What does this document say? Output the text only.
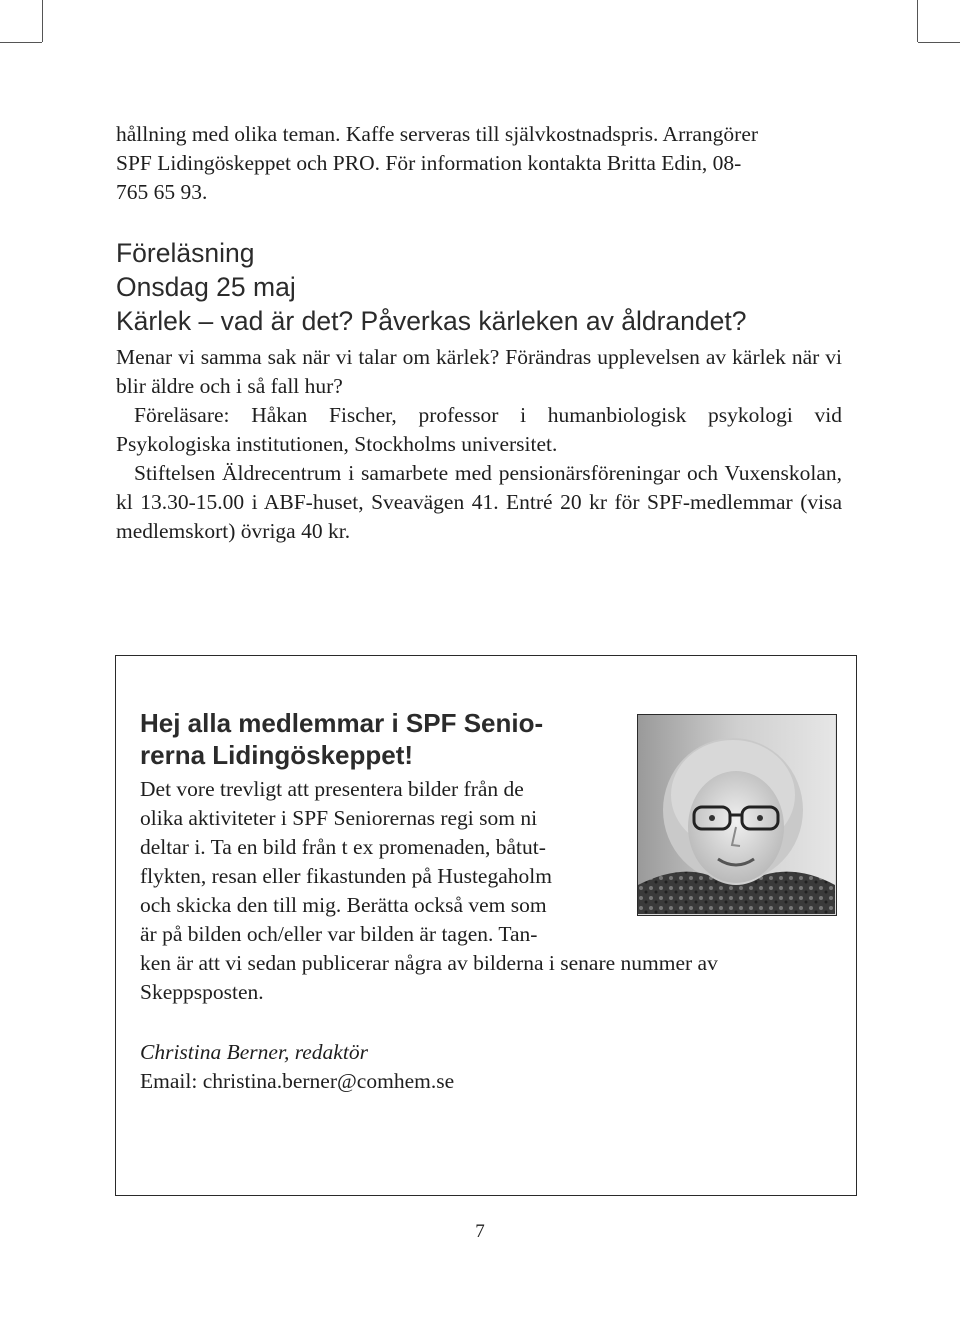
hållning med olika teman. Kaffe serveras till självkostnadspris. Arrangörer
SPF Lidingöskeppet och PRO. För information kontakta Britta Edin, 08-
765 65 93.
Föreläsning
Onsdag 25 maj
Kärlek – vad är det? Påverkas kärleken av åldrandet?

Menar vi samma sak när vi talar om kärlek? Förändras upplevelsen av kärlek när vi blir äldre och i så fall hur?

Föreläsare: Håkan Fischer, professor i humanbiologisk psykologi vid Psykologiska institutionen, Stockholms universitet.

Stiftelsen Äldrecentrum i samarbete med pensionärsföreningar och Vuxenskolan, kl 13.30-15.00 i ABF-huset, Sveavägen 41. Entré 20 kr för SPF-medlemmar (visa medlemskort) övriga 40 kr.

Hej alla medlemmar i SPF Senio-
rerna Lidingöskeppet!
Det vore trevligt att presentera bilder från de
olika aktiviteter i SPF Seniorernas regi som ni
deltar i. Ta en bild från t ex promenaden, båtut-
flykten, resan eller fikastunden på Hustegaholm
och skicka den till mig. Berätta också vem som
är på bilden och/eller var bilden är tagen. Tan-
ken är att vi sedan publicerar några av bilderna i senare nummer av
Skeppsposten.
Christina Berner, redaktör
Email: christina.berner@comhem.se
7
